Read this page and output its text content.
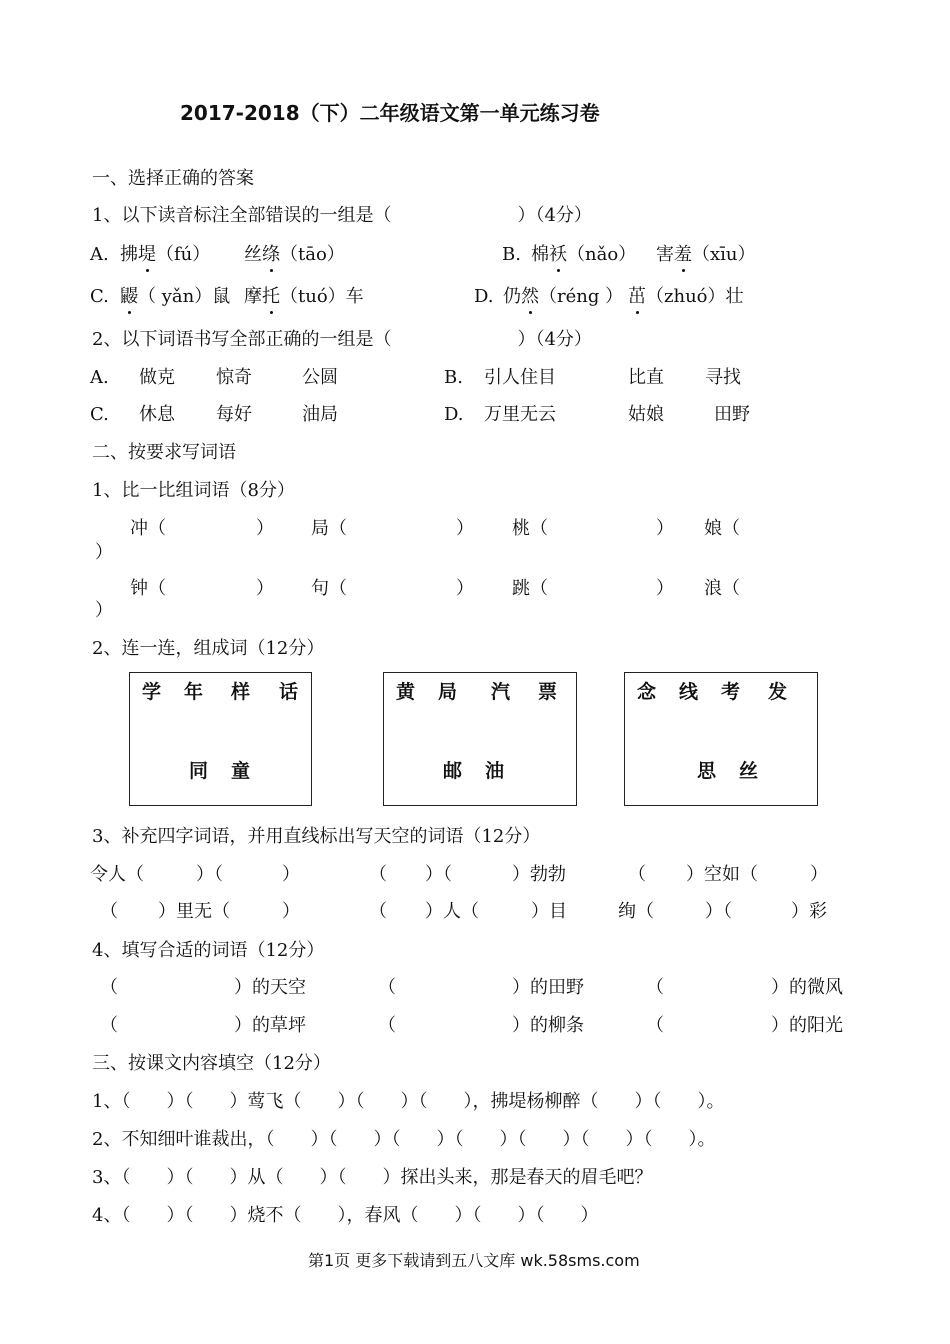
2017-2018（下）二年级语文第一单元练习卷
一、选择正确的答案
1、以下读音标注全部错误的一组是（　　　　　　　）（4分）
A. 拂堤（fú） 丝绦（tāo）	B. 棉袄（nǎo） 害羞（xīu）
C. 鼹（ yǎn）鼠 摩托（tuó）车	D. 仍然（réng ） 茁（zhuó）壮
2、以下词语书写全部正确的一组是（　　　　　　　）（4分）
A. 做克 惊奇	公圆	B. 引人住目	比直 寻找
C. 休息 每好	油局	D. 万里无云	姑娘	田野
二、按要求写词语
1、比一比组词语（8分）
冲（	） 局（	） 桃（	） 娘（
）
钟（	） 句（	） 跳（	） 浪（
）
2、连一连，组成词（12分）
学 年 样 话
同 童
黄 局 汽 票
邮 油
念 线 考 发
思 丝
3、补充四字词语，并用直线标出写天空的词语（12分）
令人（	）（	）	（ ）（	）勃勃	（ ）空如（	）
（ ）里无（	）	（ ）人（	）目	绚（	）（	）彩
4、填写合适的词语（12分）
（	）的天空	（	）的田野	（	）的微风
（	）的草坪	（	）的柳条	（	）的阳光
三、按课文内容填空（12分）
1、（　　）（　　）莺飞（　　）（　　）（　　），拂堤杨柳醉（　　）（　　）。
2、不知细叶谁裁出，（　　）（　　）（　　）（　　）（　　）（　　）（　　）。
3、（　　）（　　）从（　　）（　　）探出头来，那是春天的眉毛吧？
4、（　　）（　　）烧不（　　），春风（　　）（　　）（　　）
第1页 更多下载请到五八文库 wk.58sms.com
